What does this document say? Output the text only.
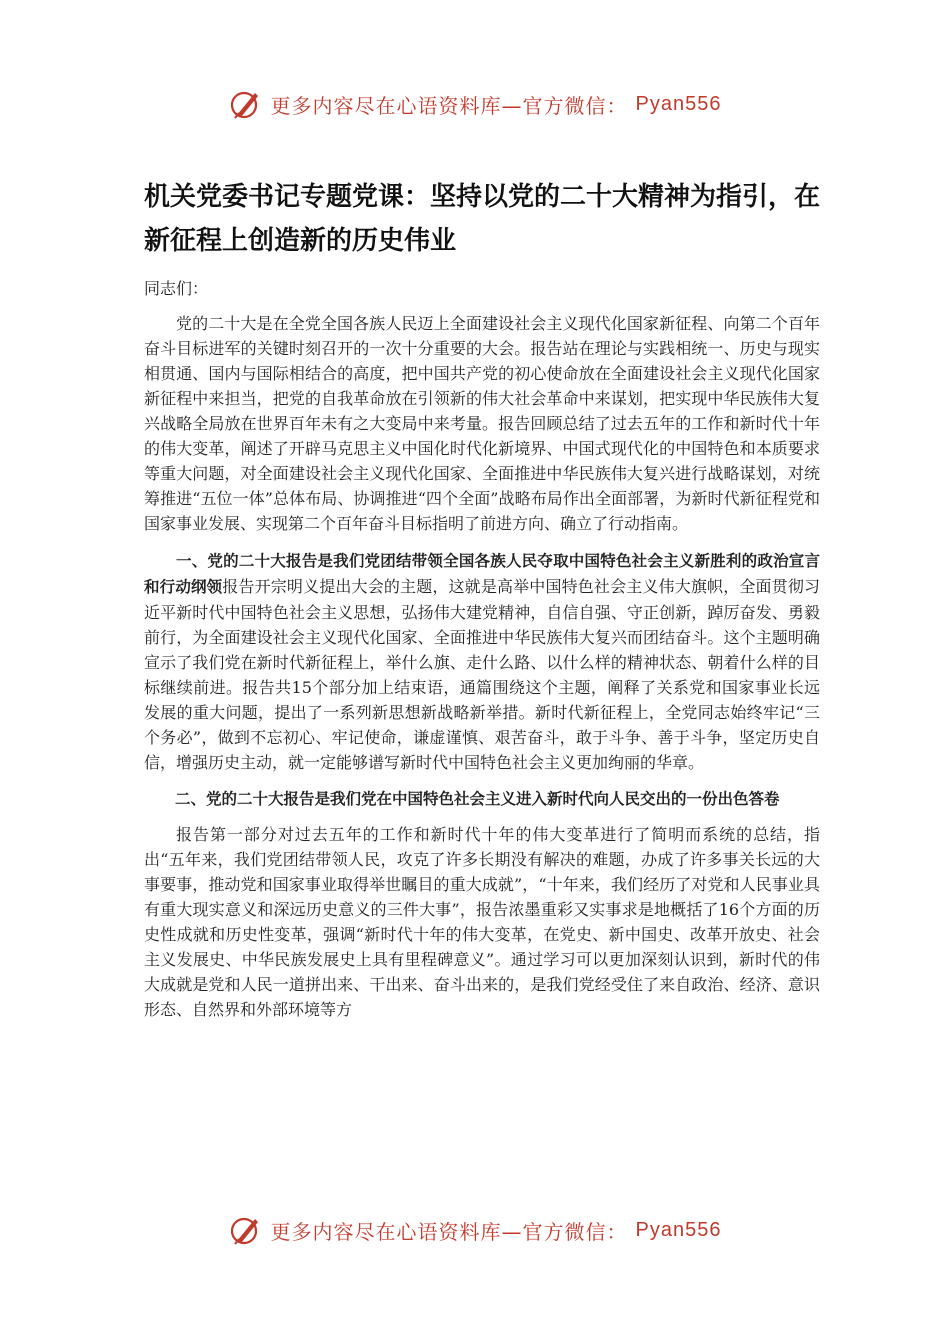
更多内容尽在心语资料库—官方微信： Pyan556
机关党委书记专题党课：坚持以党的二十大精神为指引，在新征程上创造新的历史伟业
同志们：

党的二十大是在全党全国各族人民迈上全面建设社会主义现代化国家新征程、向第二个百年奋斗目标进军的关键时刻召开的一次十分重要的大会。报告站在理论与实践相统一、历史与现实相贯通、国内与国际相结合的高度，把中国共产党的初心使命放在全面建设社会主义现代化国家新征程中来担当，把党的自我革命放在引领新的伟大社会革命中来谋划，把实现中华民族伟大复兴战略全局放在世界百年未有之大变局中来考量。报告回顾总结了过去五年的工作和新时代十年的伟大变革，阐述了开辟马克思主义中国化时代化新境界、中国式现代化的中国特色和本质要求等重大问题，对全面建设社会主义现代化国家、全面推进中华民族伟大复兴进行战略谋划，对统筹推进“五位一体”总体布局、协调推进“四个全面”战略布局作出全面部署，为新时代新征程党和国家事业发展、实现第二个百年奋斗目标指明了前进方向、确立了行动指南。

一、党的二十大报告是我们党团结带领全国各族人民夺取中国特色社会主义新胜利的政治宣言和行动纲领报告开宗明义提出大会的主题，这就是高举中国特色社会主义伟大旗帜，全面贯彻习近平新时代中国特色社会主义思想，弘扬伟大建党精神，自信自强、守正创新，踔厉奋发、勇毅前行，为全面建设社会主义现代化国家、全面推进中华民族伟大复兴而团结奋斗。这个主题明确宣示了我们党在新时代新征程上，举什么旗、走什么路、以什么样的精神状态、朝着什么样的目标继续前进。报告共15个部分加上结束语，通篇围绕这个主题，阐释了关系党和国家事业长远发展的重大问题，提出了一系列新思想新战略新举措。新时代新征程上，全党同志始终牢记“三个务必”，做到不忘初心、牢记使命，谦虚谨慎、艰苦奋斗，敢于斗争、善于斗争，坚定历史自信，增强历史主动，就一定能够谱写新时代中国特色社会主义更加绚丽的华章。

二、党的二十大报告是我们党在中国特色社会主义进入新时代向人民交出的一份出色答卷

报告第一部分对过去五年的工作和新时代十年的伟大变革进行了简明而系统的总结，指出“五年来，我们党团结带领人民，攻克了许多长期没有解决的难题，办成了许多事关长远的大事要事，推动党和国家事业取得举世瞩目的重大成就”，“十年来，我们经历了对党和人民事业具有重大现实意义和深远历史意义的三件大事”，报告浓墨重彩又实事求是地概括了16个方面的历史性成就和历史性变革，强调“新时代十年的伟大变革，在党史、新中国史、改革开放史、社会主义发展史、中华民族发展史上具有里程碑意义”。通过学习可以更加深刻认识到，新时代的伟大成就是党和人民一道拼出来、干出来、奋斗出来的，是我们党经受住了来自政治、经济、意识形态、自然界和外部环境等方

更多内容尽在心语资料库—官方微信： Pyan556
